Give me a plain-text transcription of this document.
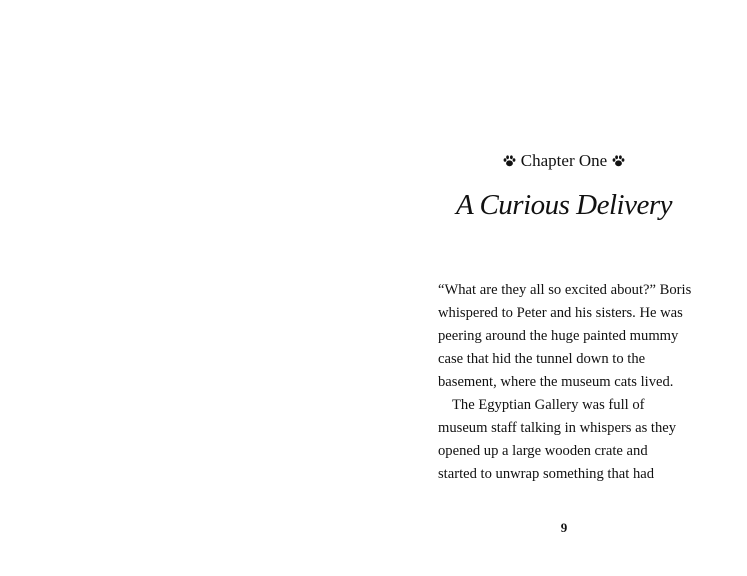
Chapter One
A Curious Delivery
“What are they all so excited about?” Boris
whispered to Peter and his sisters. He was
peering around the huge painted mummy
case that hid the tunnel down to the
basement, where the museum cats lived.
The Egyptian Gallery was full of
museum staff talking in whispers as they
opened up a large wooden crate and
started to unwrap something that had
9
